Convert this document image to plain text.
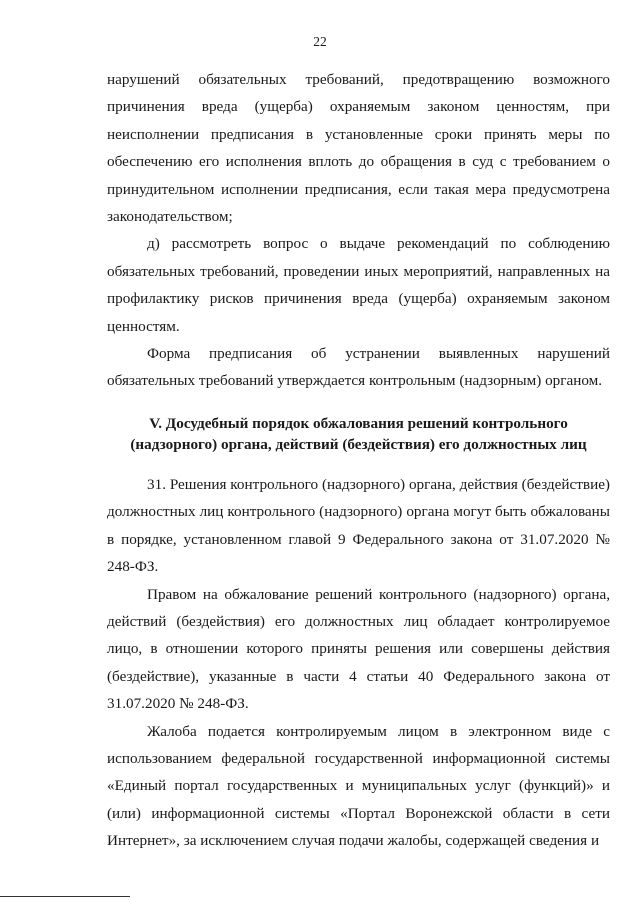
22

нарушений обязательных требований, предотвращению возможного причинения вреда (ущерба) охраняемым законом ценностям, при неисполнении предписания в установленные сроки принять меры по обеспечению его исполнения вплоть до обращения в суд с требованием о принудительном исполнении предписания, если такая мера предусмотрена законодательством;

д) рассмотреть вопрос о выдаче рекомендаций по соблюдению обязательных требований, проведении иных мероприятий, направленных на профилактику рисков причинения вреда (ущерба) охраняемым законом ценностям.

Форма предписания об устранении выявленных нарушений обязательных требований утверждается контрольным (надзорным) органом.

V. Досудебный порядок обжалования решений контрольного
(надзорного) органа, действий (бездействия) его должностных лиц

31. Решения контрольного (надзорного) органа, действия (бездействие) должностных лиц контрольного (надзорного) органа могут быть обжалованы в порядке, установленном главой 9 Федерального закона от 31.07.2020 № 248-ФЗ.

Правом на обжалование решений контрольного (надзорного) органа, действий (бездействия) его должностных лиц обладает контролируемое лицо, в отношении которого приняты решения или совершены действия (бездействие), указанные в части 4 статьи 40 Федерального закона от 31.07.2020 № 248-ФЗ.

Жалоба подается контролируемым лицом в электронном виде с использованием федеральной государственной информационной системы «Единый портал государственных и муниципальных услуг (функций)» и (или) информационной системы «Портал Воронежской области в сети Интернет», за исключением случая подачи жалобы, содержащей сведения и
